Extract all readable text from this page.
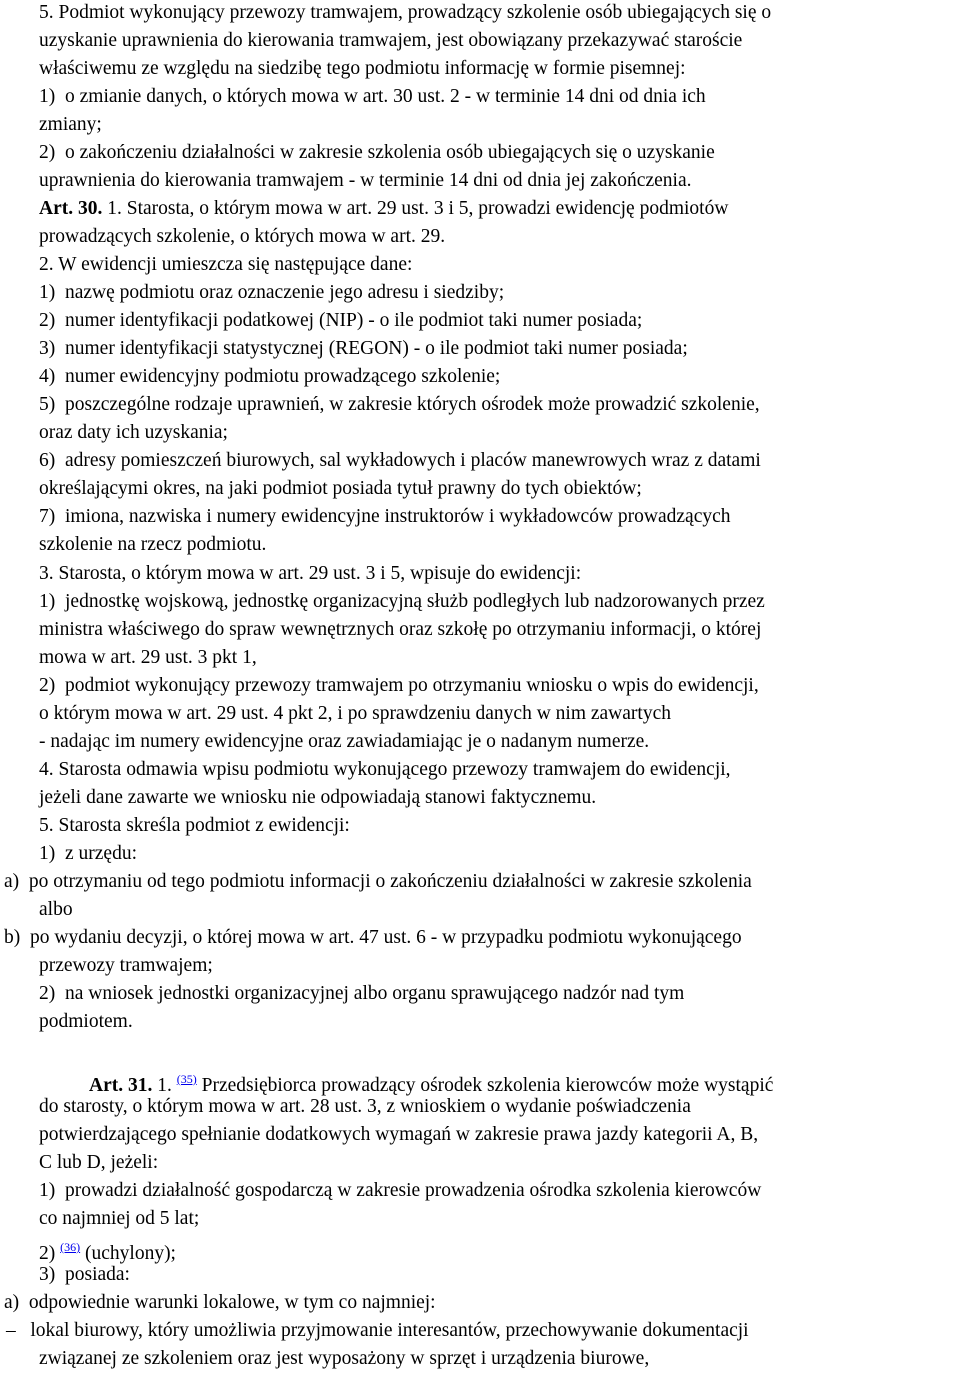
5. Podmiot wykonujący przewozy tramwajem, prowadzący szkolenie osób ubiegających się o
uzyskanie uprawnienia do kierowania tramwajem, jest obowiązany przekazywać staroście
właściwemu ze względu na siedzibę tego podmiotu informację w formie pisemnej:
1)  o zmianie danych, o których mowa w art. 30 ust. 2 - w terminie 14 dni od dnia ich
zmiany;
2)  o zakończeniu działalności w zakresie szkolenia osób ubiegających się o uzyskanie
uprawnienia do kierowania tramwajem - w terminie 14 dni od dnia jej zakończenia.
Art. 30. 1. Starosta, o którym mowa w art. 29 ust. 3 i 5, prowadzi ewidencję podmiotów
prowadzących szkolenie, o których mowa w art. 29.
2. W ewidencji umieszcza się następujące dane:
1)  nazwę podmiotu oraz oznaczenie jego adresu i siedziby;
2)  numer identyfikacji podatkowej (NIP) - o ile podmiot taki numer posiada;
3)  numer identyfikacji statystycznej (REGON) - o ile podmiot taki numer posiada;
4)  numer ewidencyjny podmiotu prowadzącego szkolenie;
5)  poszczególne rodzaje uprawnień, w zakresie których ośrodek może prowadzić szkolenie,
oraz daty ich uzyskania;
6)  adresy pomieszczeń biurowych, sal wykładowych i placów manewrowych wraz z datami
określającymi okres, na jaki podmiot posiada tytuł prawny do tych obiektów;
7)  imiona, nazwiska i numery ewidencyjne instruktorów i wykładowców prowadzących
szkolenie na rzecz podmiotu.
3. Starosta, o którym mowa w art. 29 ust. 3 i 5, wpisuje do ewidencji:
1)  jednostkę wojskową, jednostkę organizacyjną służb podległych lub nadzorowanych przez
ministra właściwego do spraw wewnętrznych oraz szkołę po otrzymaniu informacji, o której
mowa w art. 29 ust. 3 pkt 1,
2)  podmiot wykonujący przewozy tramwajem po otrzymaniu wniosku o wpis do ewidencji,
o którym mowa w art. 29 ust. 4 pkt 2, i po sprawdzeniu danych w nim zawartych
- nadając im numery ewidencyjne oraz zawiadamiając je o nadanym numerze.
4. Starosta odmawia wpisu podmiotu wykonującego przewozy tramwajem do ewidencji,
jeżeli dane zawarte we wniosku nie odpowiadają stanowi faktycznemu.
5. Starosta skreśla podmiot z ewidencji:
1)  z urzędu:
a)  po otrzymaniu od tego podmiotu informacji o zakończeniu działalności w zakresie szkolenia
albo
b)  po wydaniu decyzji, o której mowa w art. 47 ust. 6 - w przypadku podmiotu wykonującego
przewozy tramwajem;
2)  na wniosek jednostki organizacyjnej albo organu sprawującego nadzór nad tym
podmiotem.
Art. 31. 1. $^{(35)}$ Przedsiębiorca prowadzący ośrodek szkolenia kierowców może wystąpić
do starosty, o którym mowa w art. 28 ust. 3, z wnioskiem o wydanie poświadczenia
potwierdzającego spełnianie dodatkowych wymagań w zakresie prawa jazdy kategorii A, B,
C lub D, jeżeli:
1)  prowadzi działalność gospodarczą w zakresie prowadzenia ośrodka szkolenia kierowców
co najmniej od 5 lat;
2) $^{(36)}$ (uchylony);
3)  posiada:
a)  odpowiednie warunki lokalowe, w tym co najmniej:
–   lokal biurowy, który umożliwia przyjmowanie interesantów, przechowywanie dokumentacji
związanej ze szkoleniem oraz jest wyposażony w sprzęt i urządzenia biurowe,
